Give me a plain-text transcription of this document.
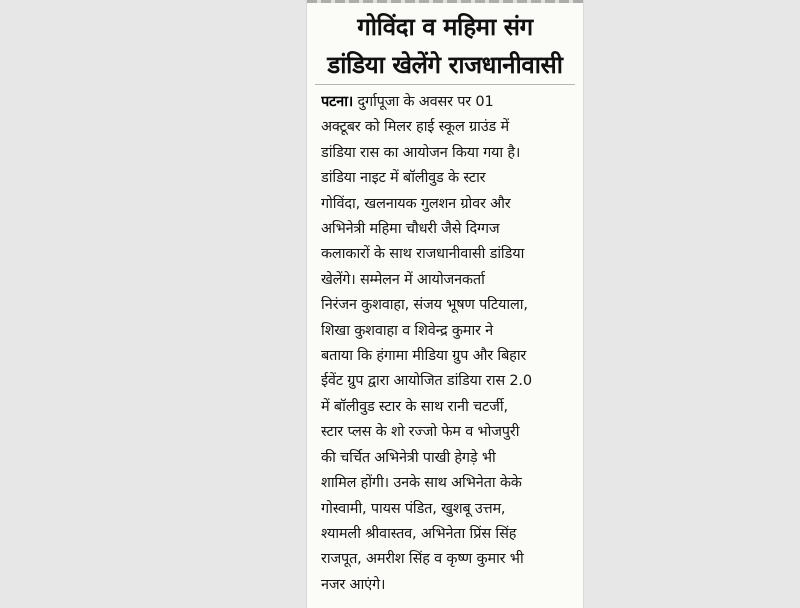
गोविंदा व महिमा संग
डांडिया खेलेंगे राजधानीवासी
पटना। दुर्गापूजा के अवसर पर 01
अक्टूबर को मिलर हाई स्कूल ग्राउंड में
डांडिया रास का आयोजन किया गया है।
डांडिया नाइट में बॉलीवुड के स्टार
गोविंदा, खलनायक गुलशन ग्रोवर और
अभिनेत्री महिमा चौधरी जैसे दिग्गज
कलाकारों के साथ राजधानीवासी डांडिया
खेलेंगे। सम्मेलन में आयोजनकर्ता
निरंजन कुशवाहा, संजय भूषण पटियाला,
शिखा कुशवाहा व शिवेन्द्र कुमार ने
बताया कि हंगामा मीडिया ग्रुप और बिहार
ईवेंट ग्रुप द्वारा आयोजित डांडिया रास 2.0
में बॉलीवुड स्टार के साथ रानी चटर्जी,
स्टार प्लस के शो रज्जो फेम व भोजपुरी
की चर्चित अभिनेत्री पाखी हेगड़े भी
शामिल होंगी। उनके साथ अभिनेता केके
गोस्वामी, पायस पंडित, खुशबू उत्तम,
श्यामली श्रीवास्तव, अभिनेता प्रिंस सिंह
राजपूत, अमरीश सिंह व कृष्ण कुमार भी
नजर आएंगे।
